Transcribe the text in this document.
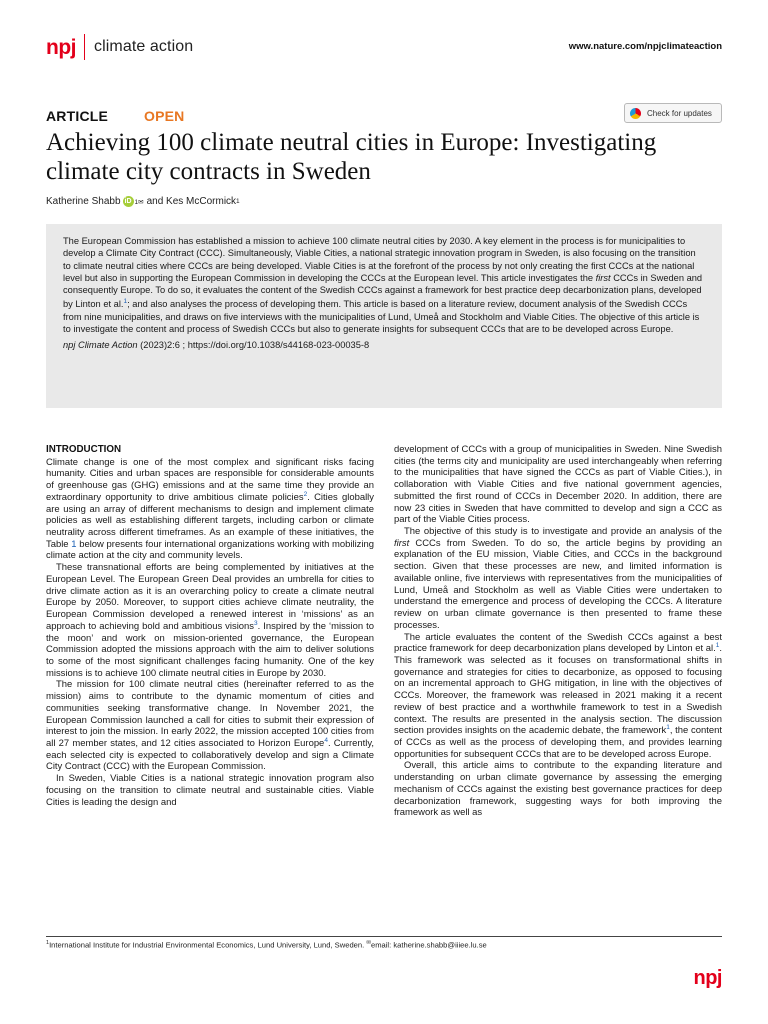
npj climate action	www.nature.com/npjclimateaction
ARTICLE	OPEN	Check for updates
Achieving 100 climate neutral cities in Europe: Investigating climate city contracts in Sweden
Katherine Shabb iD 1✉ and Kes McCormick 1

The European Commission has established a mission to achieve 100 climate neutral cities by 2030. A key element in the process is for municipalities to develop a Climate City Contract (CCC). Simultaneously, Viable Cities, a national strategic innovation program in Sweden, is also focusing on the transition to climate neutral cities where CCCs are being developed. Viable Cities is at the forefront of the process by not only creating the first CCCs at the national level but also in supporting the European Commission in developing the CCCs at the European level. This article investigates the first CCCs in Sweden and consequently Europe. To do so, it evaluates the content of the Swedish CCCs against a framework for best practice deep decarbonization plans, developed by Linton et al.$^1$; and also analyses the process of developing them. This article is based on a literature review, document analysis of the Swedish CCCs from nine municipalities, and draws on five interviews with the municipalities of Lund, Umeå and Stockholm and Viable Cities. The objective of this article is to investigate the content and process of Swedish CCCs but also to generate insights for subsequent CCCs that are to be developed across Europe.

npj Climate Action (2023)2:6 ; https://doi.org/10.1038/s44168-023-00035-8

INTRODUCTION

Climate change is one of the most complex and significant risks facing humanity. Cities and urban spaces are responsible for considerable amounts of greenhouse gas (GHG) emissions and at the same time they provide an extraordinary opportunity to drive ambitious climate policies$^2$. Cities globally are using an array of different mechanisms to design and implement climate policies as well as establishing different targets, including carbon or climate neutrality across different timeframes. As an example of these initiatives, the Table 1 below presents four international organizations working with mobilizing climate action at the city and community levels.

These transnational efforts are being complemented by initiatives at the European Level. The European Green Deal provides an umbrella for cities to drive climate action as it is an overarching policy to create a climate neutral Europe by 2050. Moreover, to support cities achieve climate neutrality, the European Commission developed a renewed interest in ‘missions’ as an approach to achieving bold and ambitious visions$^3$. Inspired by the ‘mission to the moon’ and work on mission-oriented governance, the European Commission adopted the missions approach with the aim to deliver solutions to some of the most significant challenges facing humanity. One of the key missions is to achieve 100 climate neutral cities in Europe by 2030.

The mission for 100 climate neutral cities (hereinafter referred to as the mission) aims to contribute to the dynamic momentum of cities and communities seeking transformative change. In November 2021, the European Commission launched a call for cities to submit their expression of interest to join the mission. In early 2022, the mission accepted 100 cities from all 27 member states, and 12 cities associated to Horizon Europe$^4$. Currently, each selected city is expected to collaboratively develop and sign a Climate City Contract (CCC) with the European Commission.

In Sweden, Viable Cities is a national strategic innovation program also focusing on the transition to climate neutral and sustainable cities. Viable Cities is leading the design and

development of CCCs with a group of municipalities in Sweden. Nine Swedish cities (the terms city and municipality are used interchangeably when referring to the municipalities that have signed the CCCs as part of Viable Cities.), in collaboration with Viable Cities and five national government agencies, submitted the first round of CCCs in December 2020. In addition, there are now 23 cities in Sweden that have committed to develop and sign a CCC as part of the Viable Cities process.

The objective of this study is to investigate and provide an analysis of the first CCCs from Sweden. To do so, the article begins by providing an explanation of the EU mission, Viable Cities, and CCCs in the background section. Given that these processes are new, and limited information is available online, five interviews with representatives from the municipalities of Lund, Umeå and Stockholm as well as Viable Cities were undertaken to understand the emergence and process of developing the CCCs. A literature review on urban climate governance is then presented to frame these processes.

The article evaluates the content of the Swedish CCCs against a best practice framework for deep decarbonization plans developed by Linton et al.$^1$. This framework was selected as it focuses on transformational shifts in governance and strategies for cities to decarbonize, as opposed to focusing on an incremental approach to GHG mitigation, in line with the objectives of CCCs. Moreover, the framework was released in 2021 making it a recent review of best practice and a worthwhile framework to test in a Swedish context. The results are presented in the analysis section. The discussion section provides insights on the academic debate, the framework$^1$, the content of CCCs as well as the process of developing them, and provides learning opportunities for subsequent CCCs that are to be developed across Europe.

Overall, this article aims to contribute to the expanding literature and understanding on urban climate governance by assessing the emerging mechanism of CCCs against the existing best governance practices for deep decarbonization framework, suggesting ways for both improving the framework as well as

$^1$International Institute for Industrial Environmental Economics, Lund University, Lund, Sweden. ✉email: katherine.shabb@iiiee.lu.se
npj
